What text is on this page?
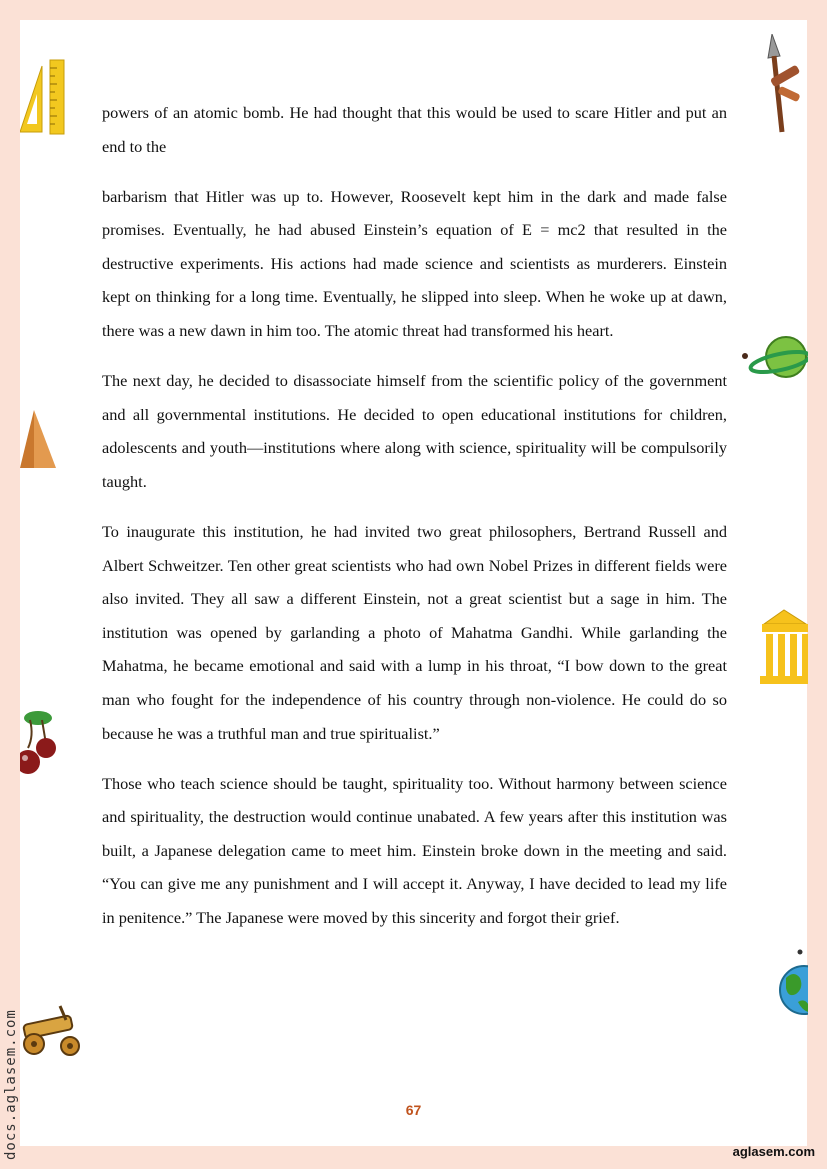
powers of an atomic bomb. He had thought that this would be used to scare Hitler and put an end to the

barbarism that Hitler was up to. However, Roosevelt kept him in the dark and made false promises. Eventually, he had abused Einstein’s equation of E = mc2 that resulted in the destructive experiments. His actions had made science and scientists as murderers. Einstein kept on thinking for a long time. Eventually, he slipped into sleep. When he woke up at dawn, there was a new dawn in him too. The atomic threat had transformed his heart.

The next day, he decided to disassociate himself from the scientific policy of the government and all governmental institutions. He decided to open educational institutions for children, adolescents and youth—institutions where along with science, spirituality will be compulsorily taught.

To inaugurate this institution, he had invited two great philosophers, Bertrand Russell and Albert Schweitzer. Ten other great scientists who had own Nobel Prizes in different fields were also invited. They all saw a different Einstein, not a great scientist but a sage in him. The institution was opened by garlanding a photo of Mahatma Gandhi. While garlanding the Mahatma, he became emotional and said with a lump in his throat, “I bow down to the great man who fought for the independence of his country through non-violence. He could do so because he was a truthful man and true spiritualist.”

Those who teach science should be taught, spirituality too. Without harmony between science and spirituality, the destruction would continue unabated. A few years after this institution was built, a Japanese delegation came to meet him. Einstein broke down in the meeting and said. “You can give me any punishment and I will accept it. Anyway, I have decided to lead my life in penitence.” The Japanese were moved by this sincerity and forgot their grief.

67
aglasem.com
docs.aglasem.com
